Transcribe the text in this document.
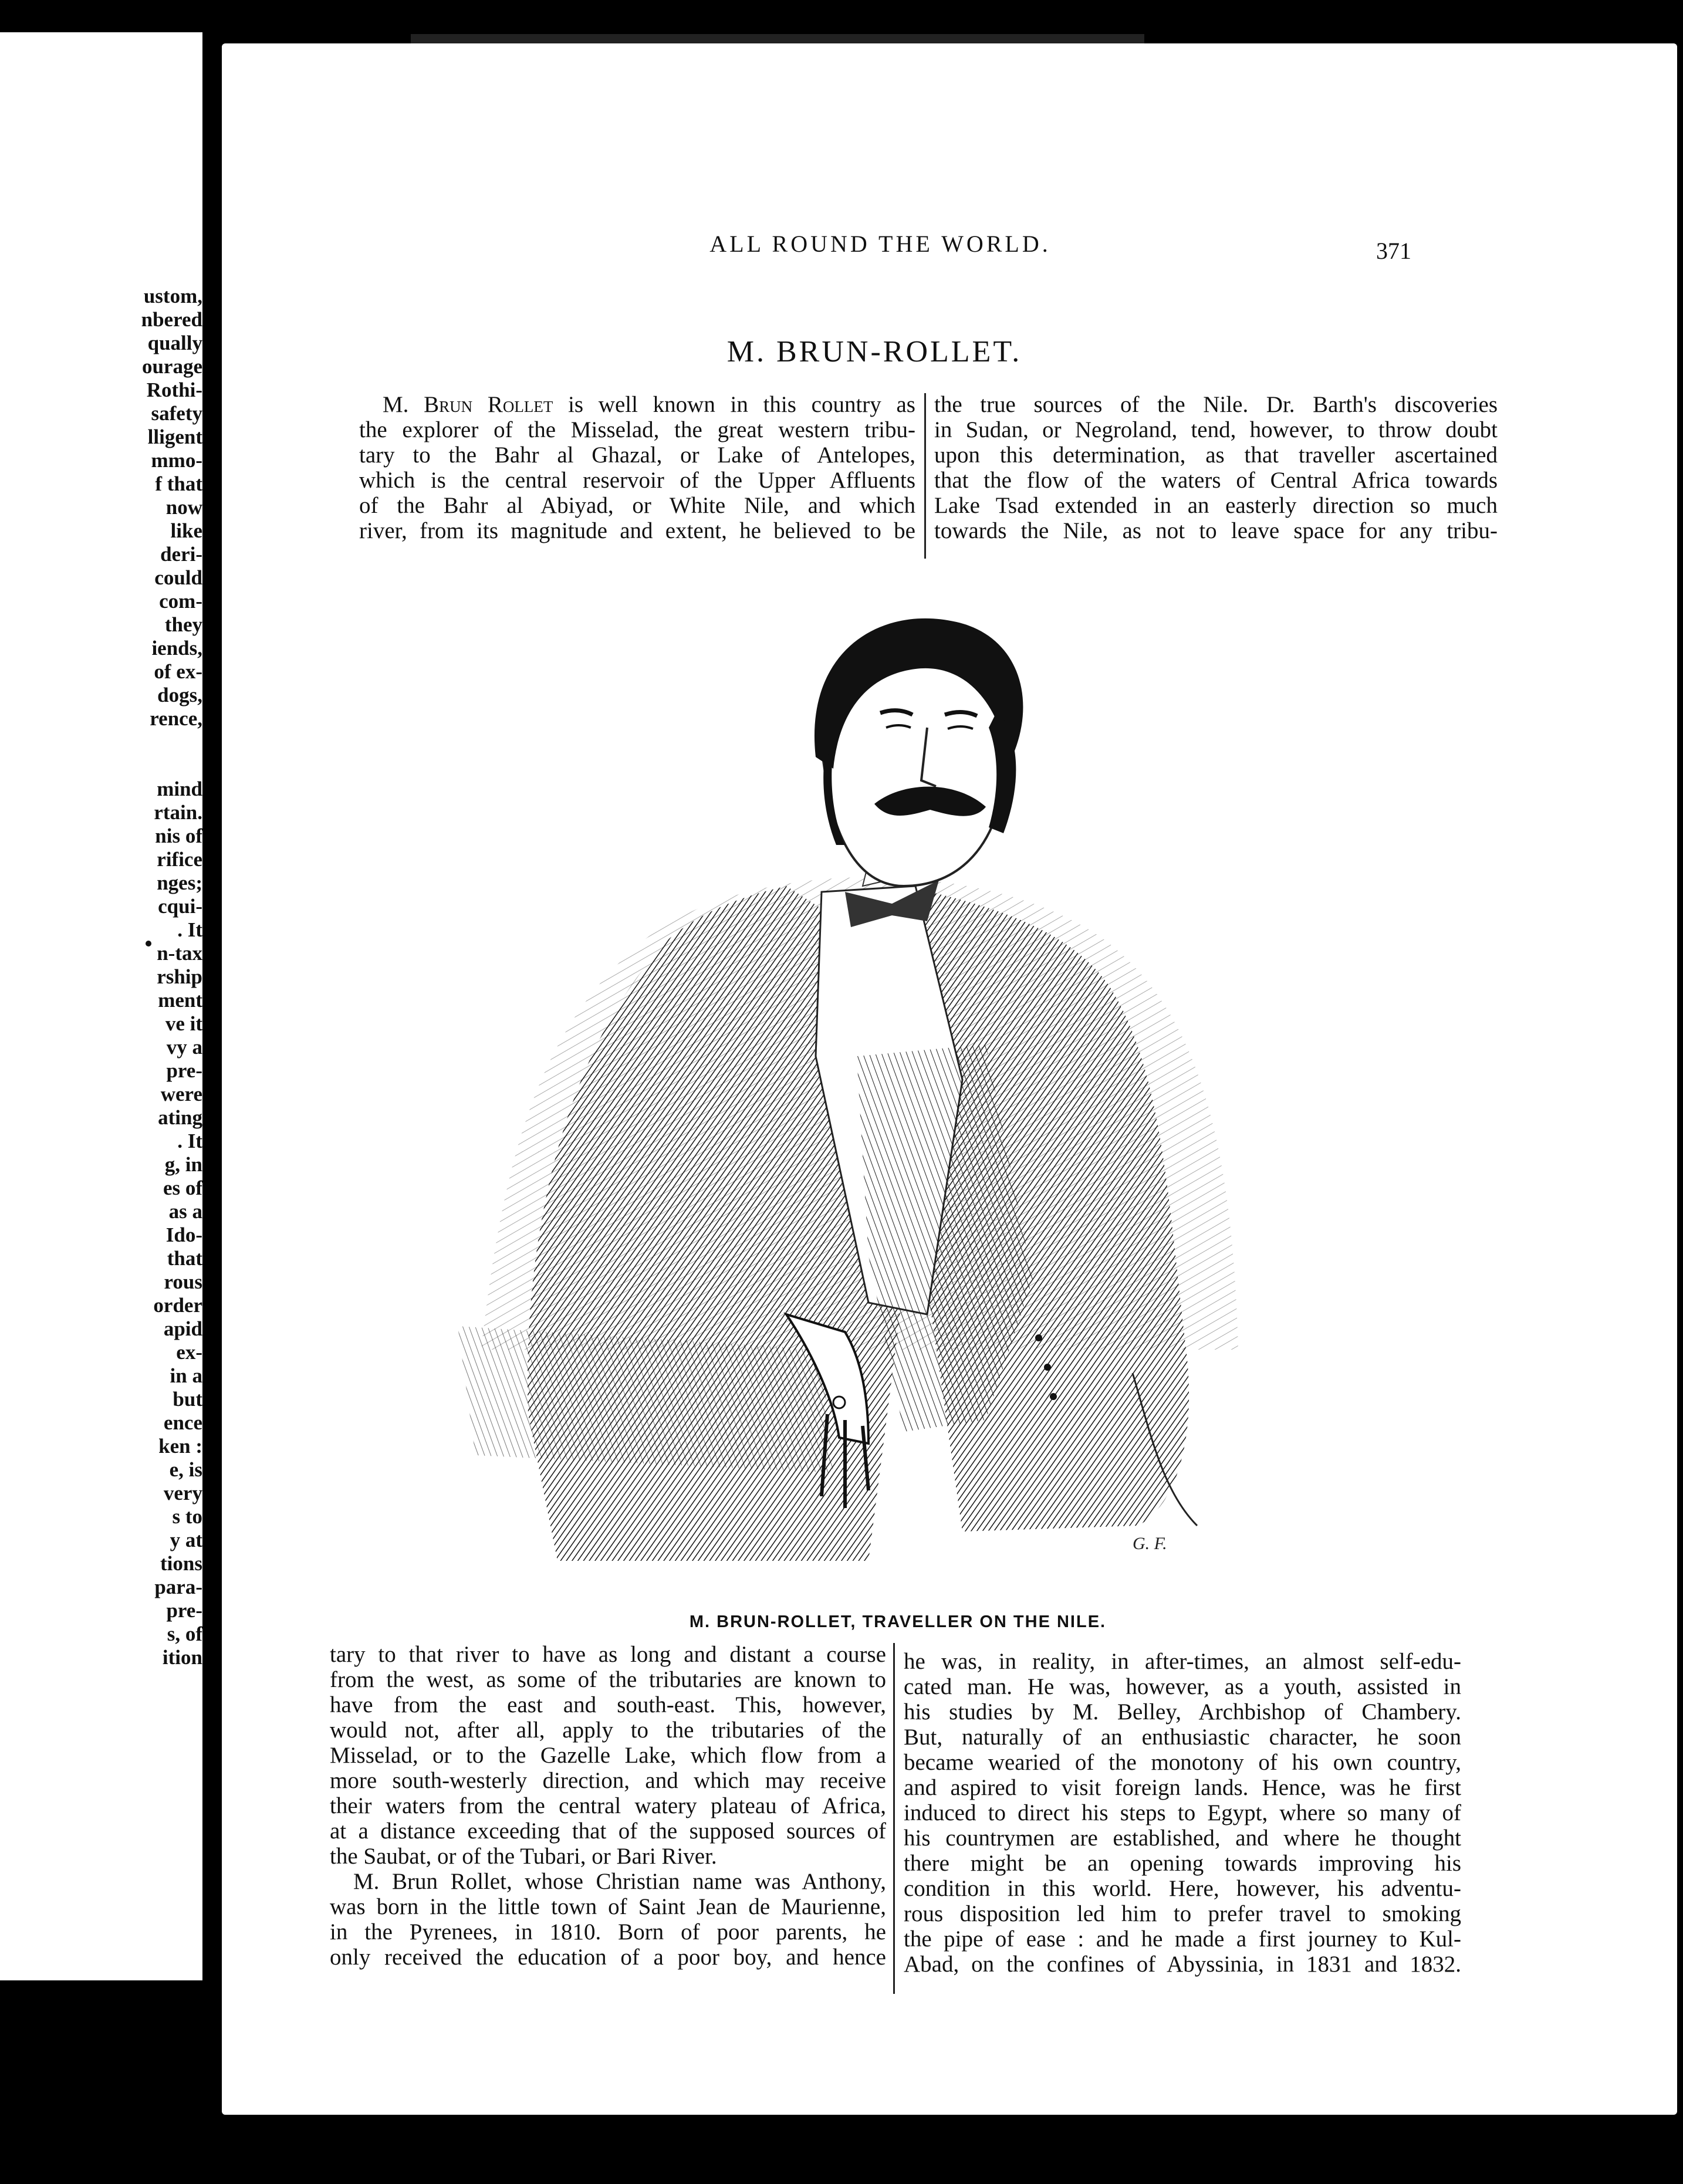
ustom,
nbered
qually
ourage
Rothi-
safety
lligent
mmo-
f that
now
like
deri-
could
com-
they
iends,
of ex-
dogs,
rence,
mind
rtain.
nis of
rifice
nges;
cqui-
. It
n-tax
rship
ment
ve it
vy a
pre-
were
ating
. It
g, in
es of
as a
Ido-
that
rous
order
apid
ex-
in a
but
ence
ken :
e, is
very
s to
y at
tions
para-
pre-
s, of
ition
ALL ROUND THE WORLD.	371
M. BRUN-ROLLET.
M. Brun Rollet is well known in this country as
the explorer of the Misselad, the great western tribu-
tary to the Bahr al Ghazal, or Lake of Antelopes,
which is the central reservoir of the Upper Affluents
of the Bahr al Abiyad, or White Nile, and which
river, from its magnitude and extent, he believed to be
the true sources of the Nile. Dr. Barth's discoveries
in Sudan, or Negroland, tend, however, to throw doubt
upon this determination, as that traveller ascertained
that the flow of the waters of Central Africa towards
Lake Tsad extended in an easterly direction so much
towards the Nile, as not to leave space for any tribu-
G. F.
M. BRUN-ROLLET, TRAVELLER ON THE NILE.
tary to that river to have as long and distant a course
from the west, as some of the tributaries are known to
have from the east and south-east. This, however,
would not, after all, apply to the tributaries of the
Misselad, or to the Gazelle Lake, which flow from a
more south-westerly direction, and which may receive
their waters from the central watery plateau of Africa,
at a distance exceeding that of the supposed sources of
the Saubat, or of the Tubari, or Bari River.
M. Brun Rollet, whose Christian name was Anthony,
was born in the little town of Saint Jean de Maurienne,
in the Pyrenees, in 1810. Born of poor parents, he
only received the education of a poor boy, and hence
he was, in reality, in after-times, an almost self-edu-
cated man. He was, however, as a youth, assisted in
his studies by M. Belley, Archbishop of Chambery.
But, naturally of an enthusiastic character, he soon
became wearied of the monotony of his own country,
and aspired to visit foreign lands. Hence, was he first
induced to direct his steps to Egypt, where so many of
his countrymen are established, and where he thought
there might be an opening towards improving his
condition in this world. Here, however, his adventu-
rous disposition led him to prefer travel to smoking
the pipe of ease : and he made a first journey to Kul-
Abad, on the confines of Abyssinia, in 1831 and 1832.
